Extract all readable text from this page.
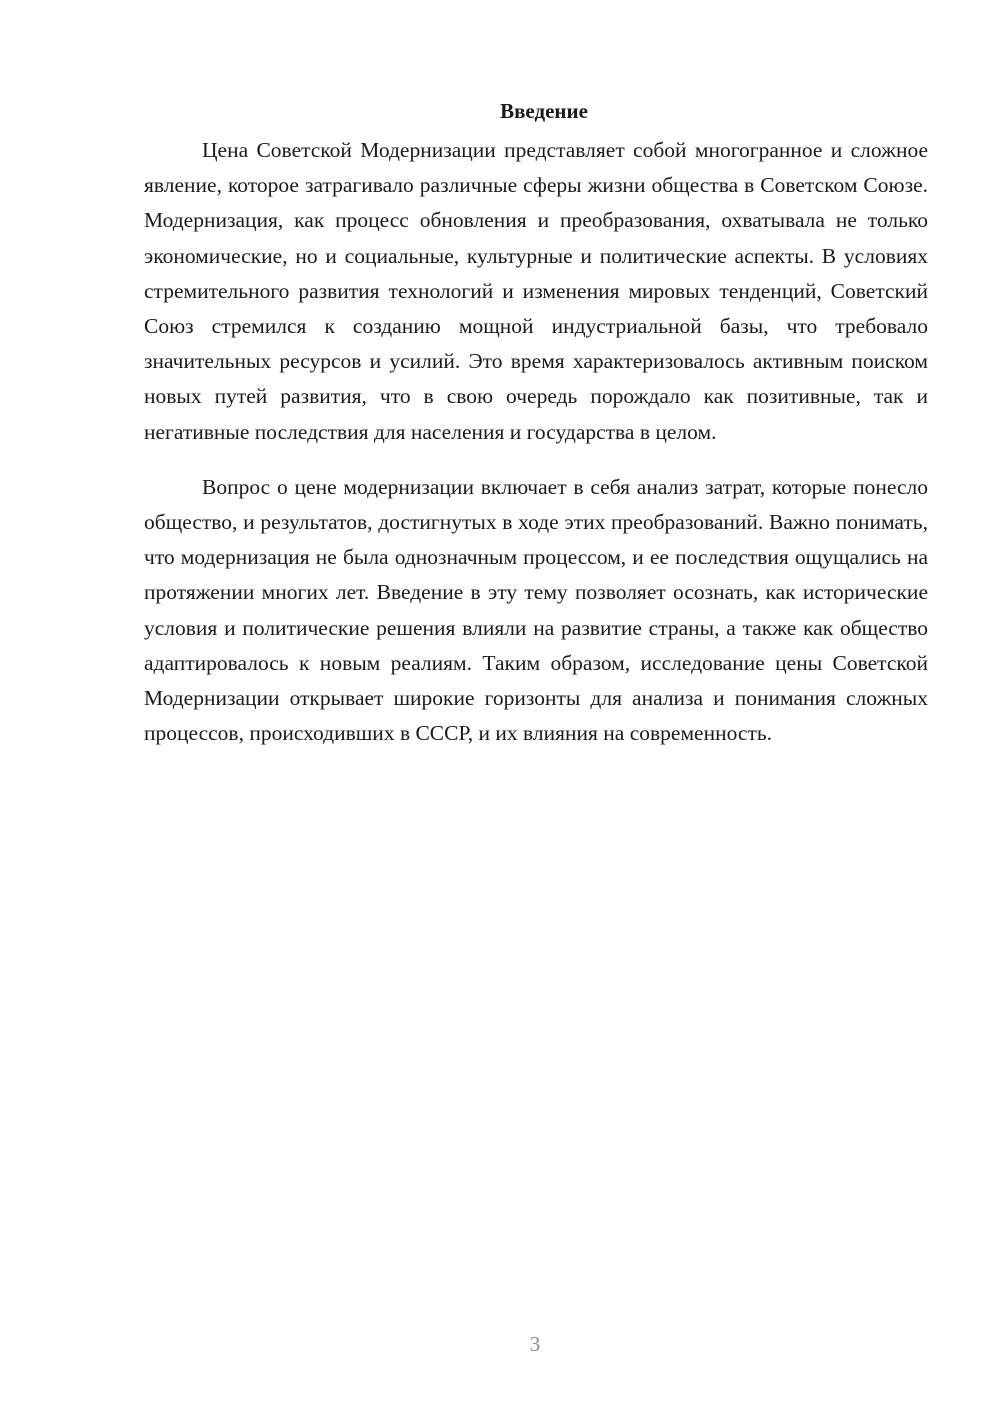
Введение

Цена Советской Модернизации представляет собой многогранное и сложное явление, которое затрагивало различные сферы жизни общества в Советском Союзе. Модернизация, как процесс обновления и преобразования, охватывала не только экономические, но и социальные, культурные и политические аспекты. В условиях стремительного развития технологий и изменения мировых тенденций, Советский Союз стремился к созданию мощной индустриальной базы, что требовало значительных ресурсов и усилий. Это время характеризовалось активным поиском новых путей развития, что в свою очередь порождало как позитивные, так и негативные последствия для населения и государства в целом.

Вопрос о цене модернизации включает в себя анализ затрат, которые понесло общество, и результатов, достигнутых в ходе этих преобразований. Важно понимать, что модернизация не была однозначным процессом, и ее последствия ощущались на протяжении многих лет. Введение в эту тему позволяет осознать, как исторические условия и политические решения влияли на развитие страны, а также как общество адаптировалось к новым реалиям. Таким образом, исследование цены Советской Модернизации открывает широкие горизонты для анализа и понимания сложных процессов, происходивших в СССР, и их влияния на современность.

3
